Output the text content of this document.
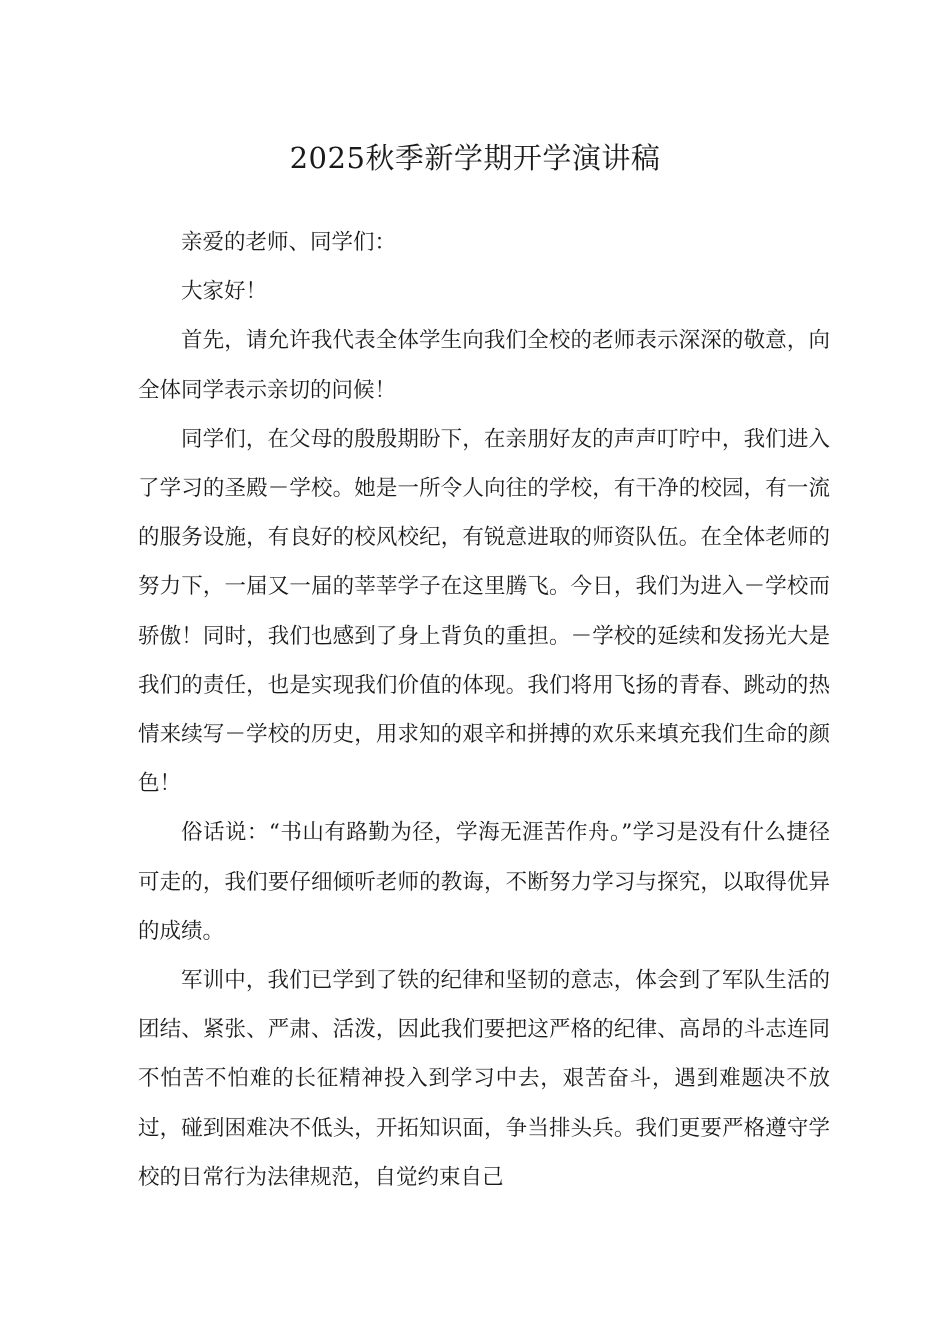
2025秋季新学期开学演讲稿

亲爱的老师、同学们：

大家好！

首先，请允许我代表全体学生向我们全校的老师表示深深的敬意，向全体同学表示亲切的问候！

同学们，在父母的殷殷期盼下，在亲朋好友的声声叮咛中，我们进入了学习的圣殿－学校。她是一所令人向往的学校，有干净的校园，有一流的服务设施，有良好的校风校纪，有锐意进取的师资队伍。在全体老师的努力下，一届又一届的莘莘学子在这里腾飞。今日，我们为进入－学校而骄傲！同时，我们也感到了身上背负的重担。－学校的延续和发扬光大是我们的责任，也是实现我们价值的体现。我们将用飞扬的青春、跳动的热情来续写－学校的历史，用求知的艰辛和拼搏的欢乐来填充我们生命的颜色！

俗话说：“书山有路勤为径，学海无涯苦作舟。”学习是没有什么捷径可走的，我们要仔细倾听老师的教诲，不断努力学习与探究，以取得优异的成绩。

军训中，我们已学到了铁的纪律和坚韧的意志，体会到了军队生活的团结、紧张、严肃、活泼，因此我们要把这严格的纪律、高昂的斗志连同不怕苦不怕难的长征精神投入到学习中去，艰苦奋斗，遇到难题决不放过，碰到困难决不低头，开拓知识面，争当排头兵。我们更要严格遵守学校的日常行为法律规范，自觉约束自己
